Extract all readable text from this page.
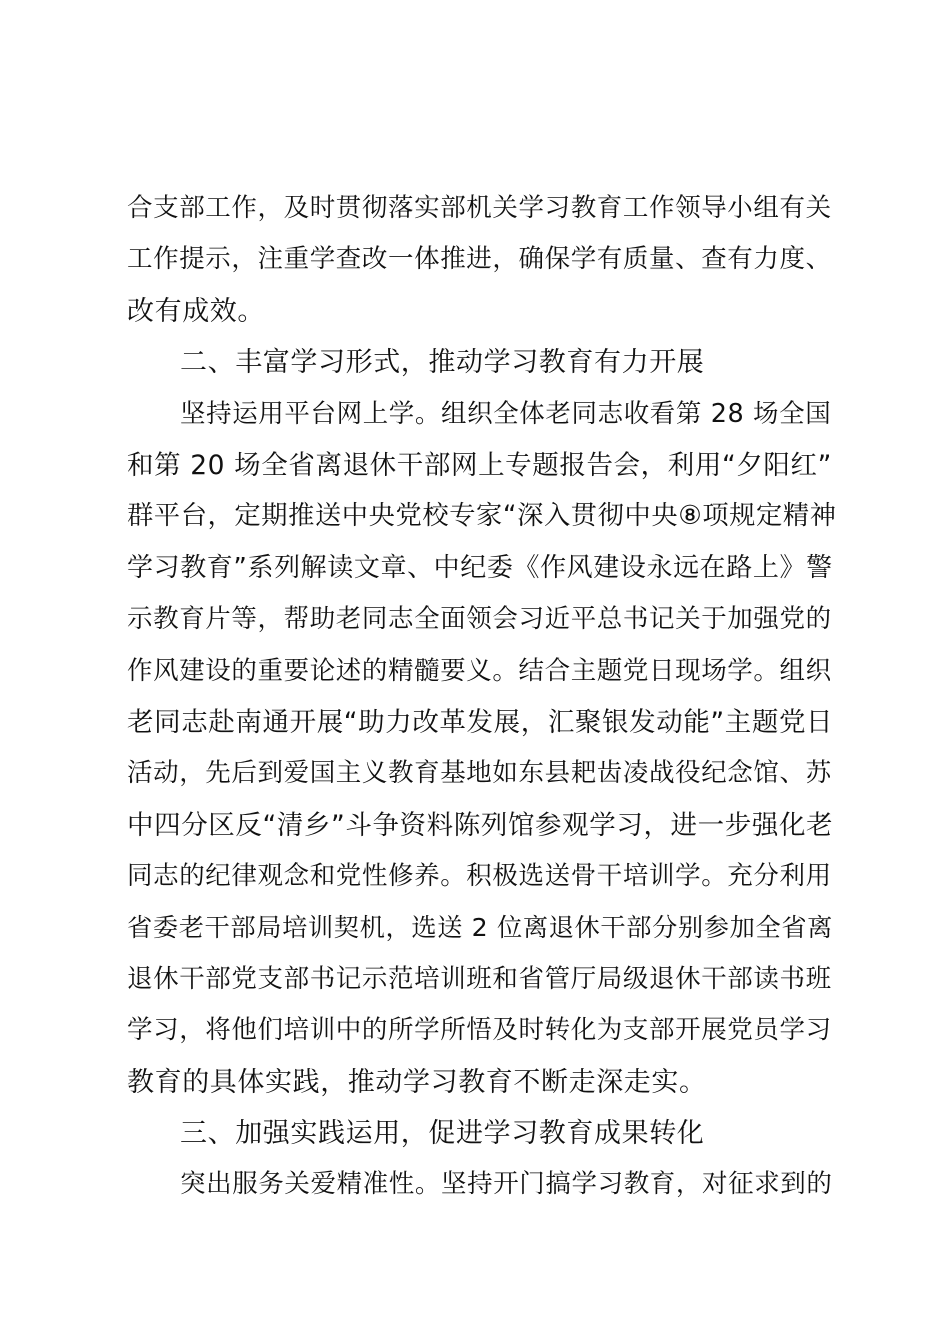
合支部工作，及时贯彻落实部机关学习教育工作领导小组有关
工作提示，注重学查改一体推进，确保学有质量、查有力度、
改有成效。
二、丰富学习形式，推动学习教育有力开展
坚持运用平台网上学。组织全体老同志收看第 28 场全国
和第 20 场全省离退休干部网上专题报告会，利用“夕阳红”
群平台，定期推送中央党校专家“深入贯彻中央⑧项规定精神
学习教育”系列解读文章、中纪委《作风建设永远在路上》警
示教育片等，帮助老同志全面领会习近平总书记关于加强党的
作风建设的重要论述的精髓要义。结合主题党日现场学。组织
老同志赴南通开展“助力改革发展，汇聚银发动能”主题党日
活动，先后到爱国主义教育基地如东县耙齿凌战役纪念馆、苏
中四分区反“清乡”斗争资料陈列馆参观学习，进一步强化老
同志的纪律观念和党性修养。积极选送骨干培训学。充分利用
省委老干部局培训契机，选送 2 位离退休干部分别参加全省离
退休干部党支部书记示范培训班和省管厅局级退休干部读书班
学习，将他们培训中的所学所悟及时转化为支部开展党员学习
教育的具体实践，推动学习教育不断走深走实。
三、加强实践运用，促进学习教育成果转化
突出服务关爱精准性。坚持开门搞学习教育，对征求到的
